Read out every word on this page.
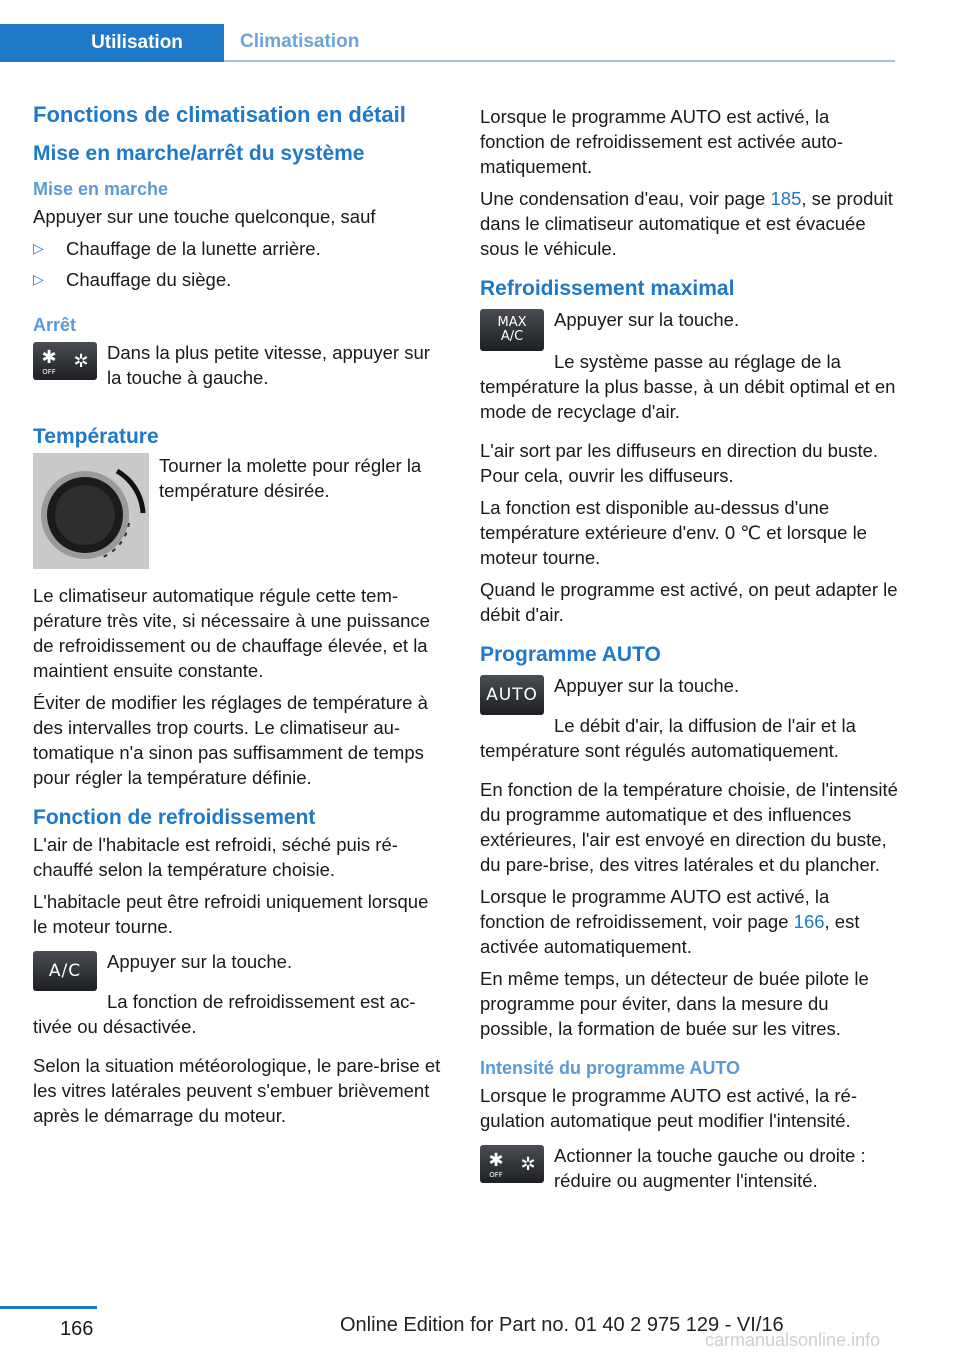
Utilisation	Climatisation
Fonctions de climatisation en détail
Mise en marche/arrêt du système
Mise en marche

Appuyer sur une touche quelconque, sauf

▷	Chauffage de la lunette arrière.
▷	Chauffage du siège.
Arrêt
✱
OFF ✲ Dans la plus petite vitesse, appuyer sur la touche à gauche.

Température

Tourner la molette pour régler la température désirée.

Le climatiseur automatique régule cette température très vite, si nécessaire à une puissance de refroidissement ou de chauffage élevée, et la maintient ensuite constante.

Éviter de modifier les réglages de température à des intervalles trop courts. Le climatiseur automatique n'a sinon pas suffisamment de temps pour régler la température définie.

Fonction de refroidissement

L'air de l'habitacle est refroidi, séché puis réchauffé selon la température choisie.

L'habitacle peut être refroidi uniquement lorsque le moteur tourne.

A/C Appuyer sur la touche.

La fonction de refroidissement est activée ou désactivée.

Selon la situation météorologique, le pare-brise et les vitres latérales peuvent s'embuer brièvement après le démarrage du moteur.

Lorsque le programme AUTO est activé, la fonction de refroidissement est activée automatiquement.

Une condensation d'eau, voir page 185, se produit dans le climatiseur automatique et est évacuée sous le véhicule.

Refroidissement maximal
MAX A/C

Appuyer sur la touche.

Le système passe au réglage de la température la plus basse, à un débit optimal et en mode de recyclage d'air.

L'air sort par les diffuseurs en direction du buste. Pour cela, ouvrir les diffuseurs.

La fonction est disponible au-dessus d'une température extérieure d'env. 0 ℃ et lorsque le moteur tourne.

Quand le programme est activé, on peut adapter le débit d'air.

Programme AUTO
AUTO Appuyer sur la touche.

Le débit d'air, la diffusion de l'air et la température sont régulés automatiquement.

En fonction de la température choisie, de l'intensité du programme automatique et des influences extérieures, l'air est envoyé en direction du buste, du pare-brise, des vitres latérales et du plancher.

Lorsque le programme AUTO est activé, la fonction de refroidissement, voir page 166, est activée automatiquement.

En même temps, un détecteur de buée pilote le programme pour éviter, dans la mesure du possible, la formation de buée sur les vitres.

Intensité du programme AUTO

Lorsque le programme AUTO est activé, la régulation automatique peut modifier l'intensité.

✱
OFF ✲ Actionner la touche gauche ou droite : réduire ou augmenter l'intensité.

166	Online Edition for Part no. 01 40 2 975 129 - VI/16
carmanualsonline.info
